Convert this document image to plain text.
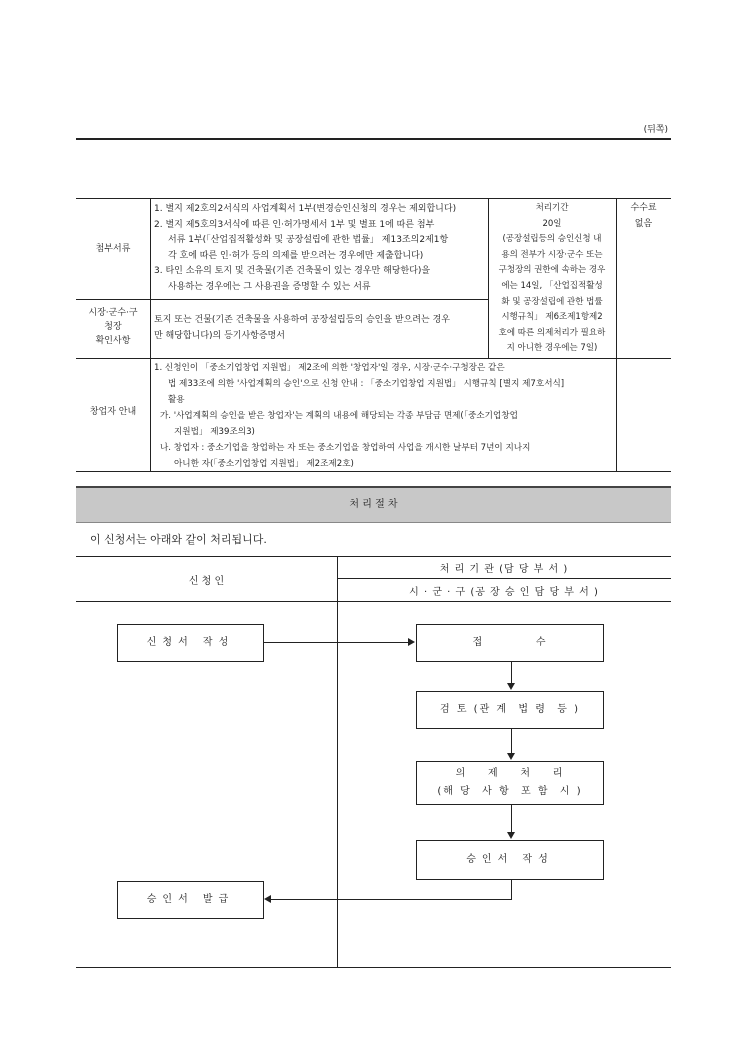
(뒤쪽)
첨부서류
1. 별지 제2호의2서식의 사업계획서 1부(변경승인신청의 경우는 제외합니다)
2. 별지 제5호의3서식에 따른 인·허가명세서 1부 및 별표 1에 따른 첨부
서류 1부(「산업집적활성화 및 공장설립에 관한 법률」 제13조의2제1항
각 호에 따른 인·허가 등의 의제를 받으려는 경우에만 제출합니다)
3. 타인 소유의 토지 및 건축물(기존 건축물이 있는 경우만 해당한다)을
사용하는 경우에는 그 사용권을 증명할 수 있는 서류
처리기간
20일
(공장설립등의 승인신청 내
용의 전부가 시장·군수 또는
구청장의 권한에 속하는 경우
에는 14일, 「산업집적활성
화 및 공장설립에 관한 법률
시행규칙」 제6조제1항제2
호에 따른 의제처리가 필요하
지 아니한 경우에는 7일)
수수료
없음
시장·군수·구
청장
확인사항
토지 또는 건물(기존 건축물을 사용하여 공장설립등의 승인을 받으려는 경우
만 해당합니다)의 등기사항증명서
창업자 안내
1. 신청인이 「중소기업창업 지원법」 제2조에 의한 '창업자'일 경우, 시장·군수·구청장은 같은
법 제33조에 의한 '사업계획의 승인'으로 신청 안내 : 「중소기업창업 지원법」 시행규칙 [별지 제7호서식]
활용
가. '사업계획의 승인을 받은 창업자'는 계획의 내용에 해당되는 각종 부담금 면제(「중소기업창업
지원법」 제39조의3)
나. 창업자 : 중소기업을 창업하는 자 또는 중소기업을 창업하여 사업을 개시한 날부터 7년이 지나지
아니한 자(「중소기업창업 지원법」 제2조제2호)
처 리 절 차
이 신청서는 아래와 같이 처리됩니다.
신 청 인
처 리 기 관 (담 당 부 서 )
시 · 군 · 구 (공 장 승 인 담 당 부 서 )
신청서 작성	접          수
검 토 (관 계  법 령  등 )
의    제    처    리
(해 당  사 항  포 함  시 )
승인서 작성
승인서 발급
